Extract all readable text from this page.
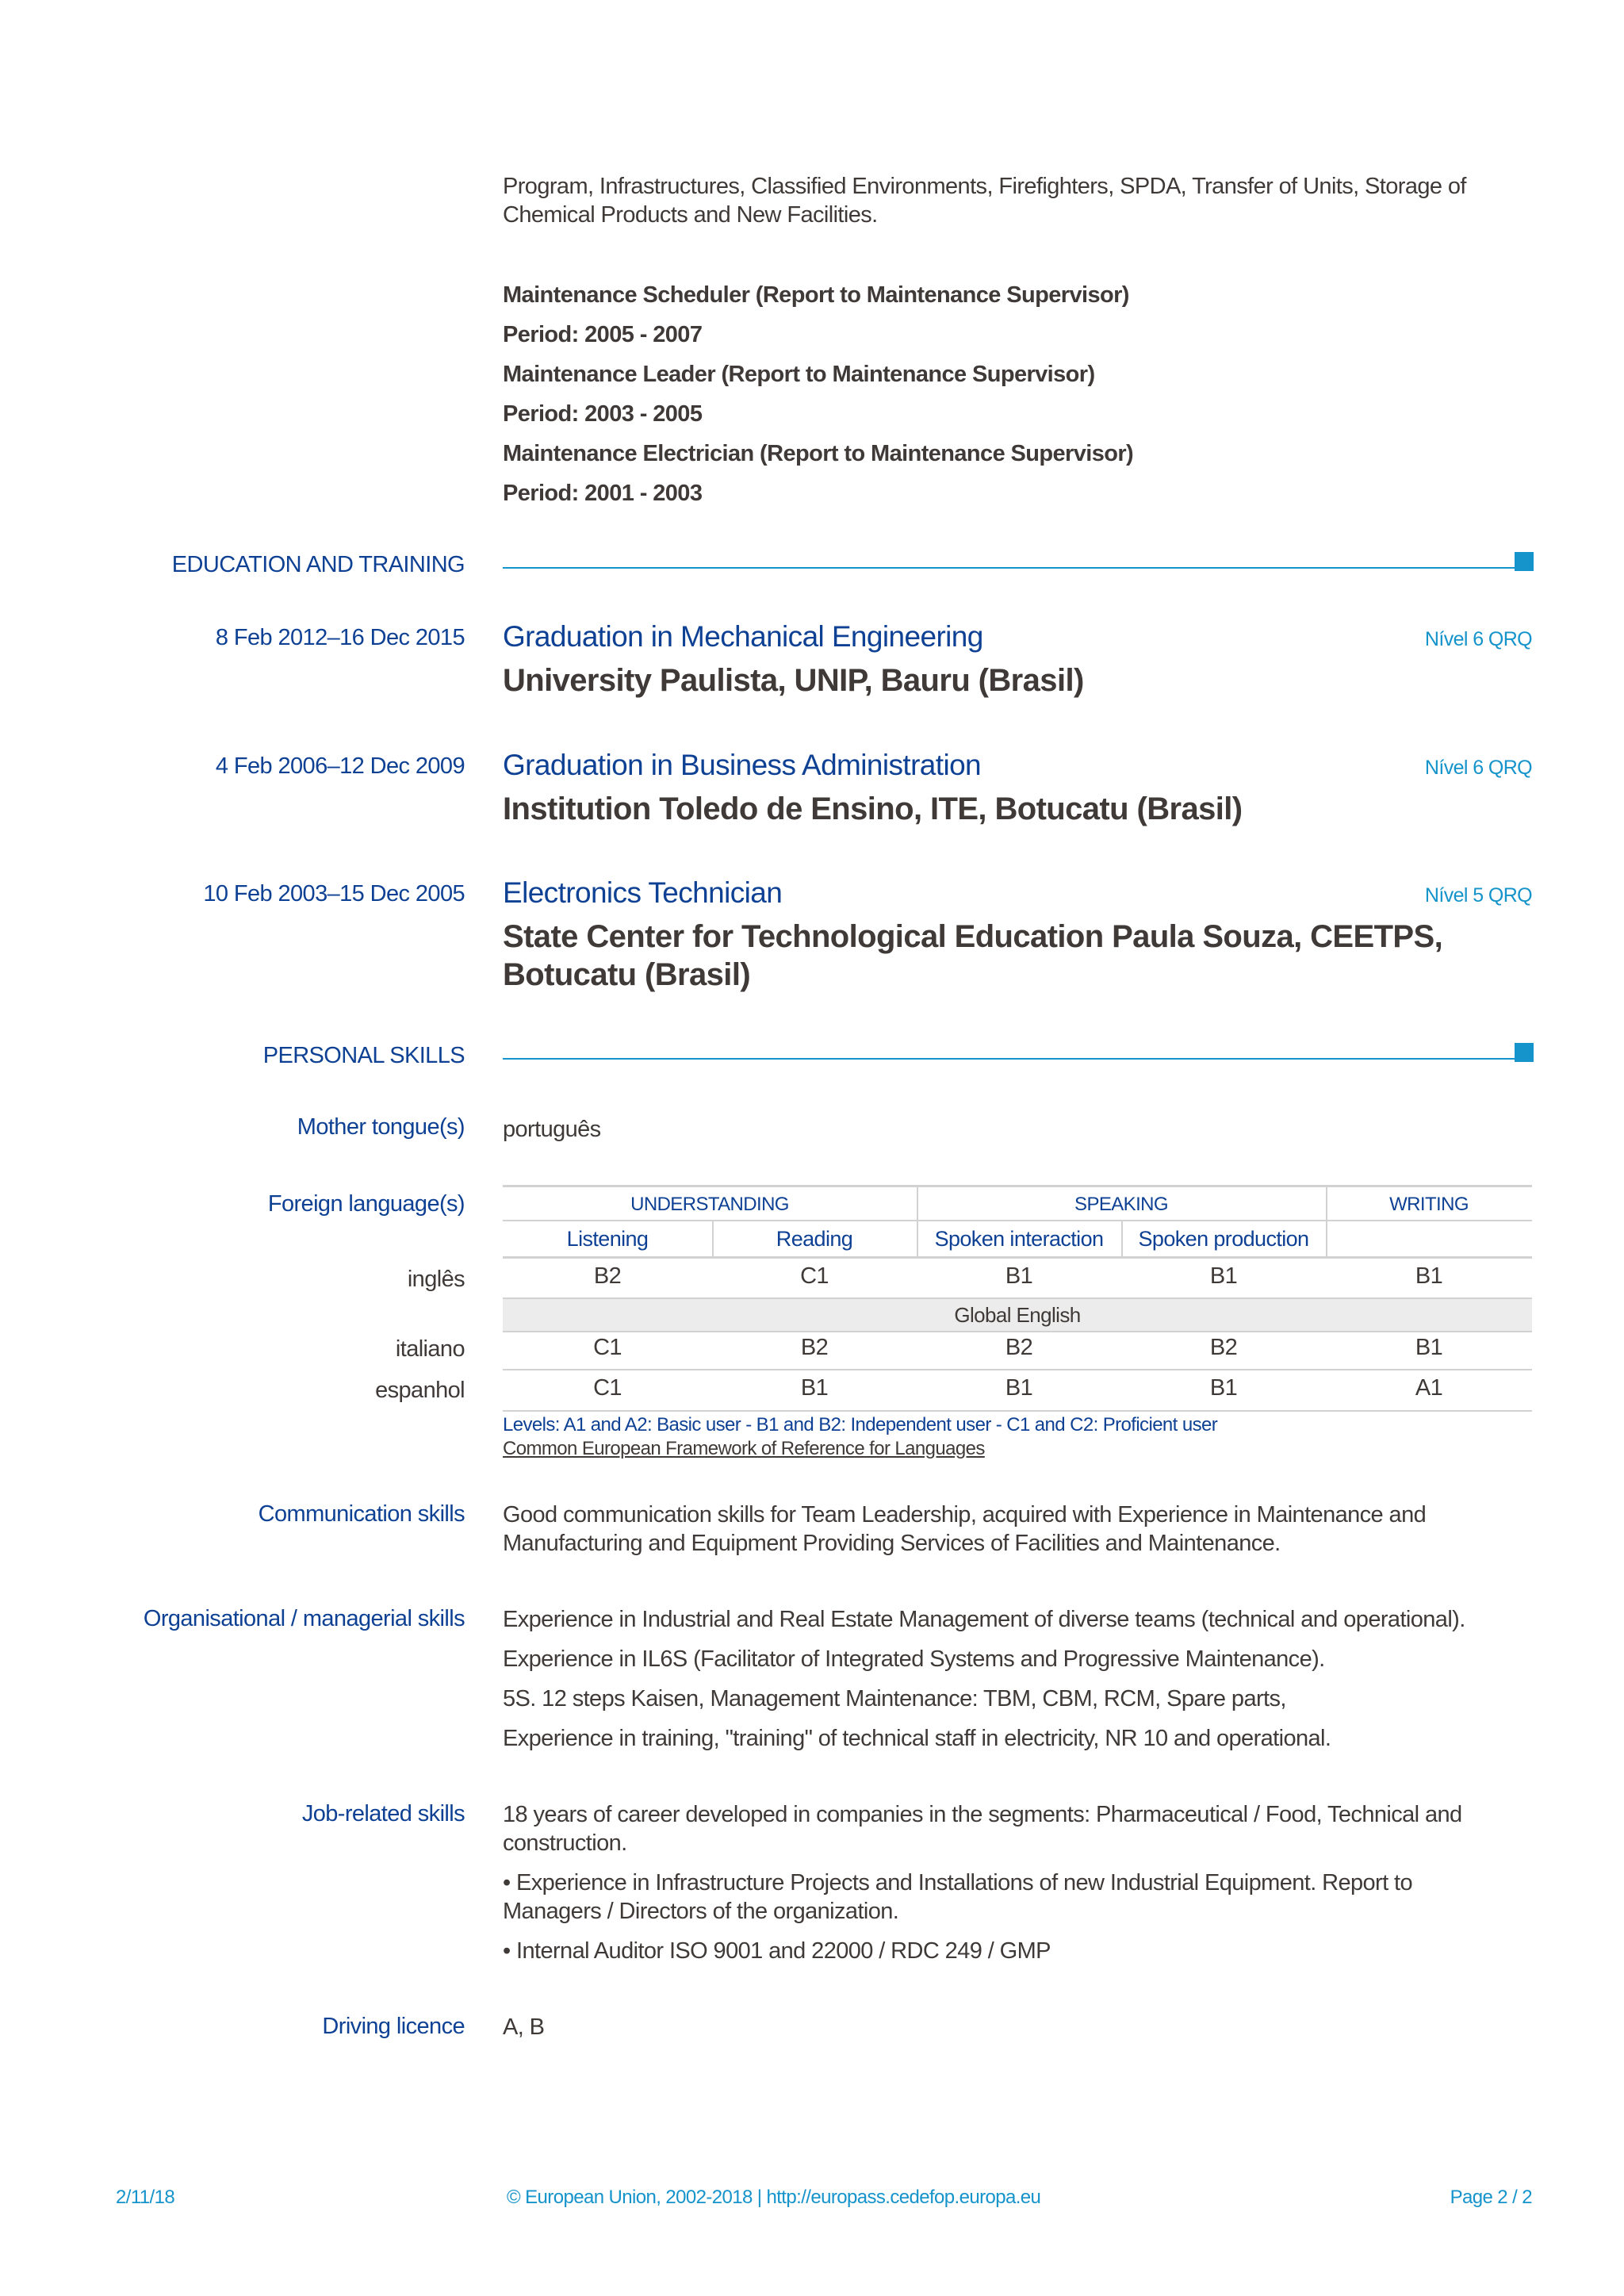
Program, Infrastructures, Classified Environments, Firefighters, SPDA, Transfer of Units, Storage of
Chemical Products and New Facilities.
Maintenance Scheduler (Report to Maintenance Supervisor)
Period: 2005 - 2007
Maintenance Leader (Report to Maintenance Supervisor)
Period: 2003 - 2005
Maintenance Electrician (Report to Maintenance Supervisor)
Period: 2001 - 2003
EDUCATION AND TRAINING
8 Feb 2012–16 Dec 2015 Graduation in Mechanical Engineering	Nível 6 QRQ
University Paulista, UNIP, Bauru (Brasil)
4 Feb 2006–12 Dec 2009 Graduation in Business Administration	Nível 6 QRQ
Institution Toledo de Ensino, ITE, Botucatu (Brasil)
10 Feb 2003–15 Dec 2005 Electronics Technician	Nível 5 QRQ
State Center for Technological Education Paula Souza, CEETPS,
Botucatu (Brasil)
PERSONAL SKILLS
Mother tongue(s) português
Foreign language(s)	UNDERSTANDING	SPEAKING	WRITING
Listening	Reading	Spoken interaction	Spoken production
inglês	B2	C1	B1	B1	B1
Global English
italiano	C1	B2	B2	B2	B1
espanhol	C1	B1	B1	B1	A1
Levels: A1 and A2: Basic user - B1 and B2: Independent user - C1 and C2: Proficient user
Common European Framework of Reference for Languages
Communication skills Good communication skills for Team Leadership, acquired with Experience in Maintenance and
Manufacturing and Equipment Providing Services of Facilities and Maintenance.
Organisational / managerial skills Experience in Industrial and Real Estate Management of diverse teams (technical and operational).
Experience in IL6S (Facilitator of Integrated Systems and Progressive Maintenance).
5S. 12 steps Kaisen, Management Maintenance: TBM, CBM, RCM, Spare parts,
Experience in training, "training" of technical staff in electricity, NR 10 and operational.
Job-related skills 18 years of career developed in companies in the segments: Pharmaceutical / Food, Technical and
construction.
• Experience in Infrastructure Projects and Installations of new Industrial Equipment. Report to
Managers / Directors of the organization.
• Internal Auditor ISO 9001 and 22000 / RDC 249 / GMP
Driving licence A, B
2/11/18	© European Union, 2002-2018 | http://europass.cedefop.europa.eu	Page 2 / 2
